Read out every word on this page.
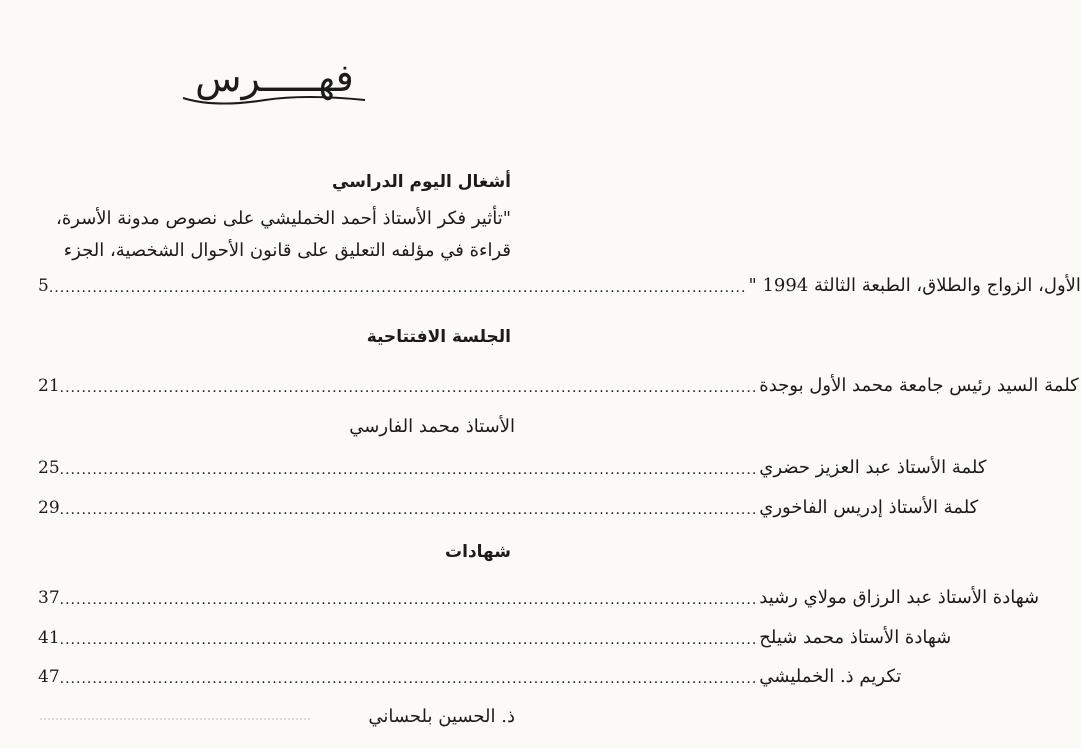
فهـــــرس
أشغال اليوم الدراسي
"تأثير فكر الأستاذ أحمد الخمليشي على نصوص مدونة الأسرة،
قراءة في مؤلفه التعليق على قانون الأحوال الشخصية، الجزء
5 ................................................................................................................................ الأول، الزواج والطلاق، الطبعة الثالثة 1994 "
الجلسة الافتتاحية
21 ................................................................................................................................ كلمة السيد رئيس جامعة محمد الأول بوجدة
الأستاذ محمد الفارسي
25 ................................................................................................................................ كلمة الأستاذ عبد العزيز حضري
29 ................................................................................................................................ كلمة الأستاذ إدريس الفاخوري
شهادات
37 ................................................................................................................................ شهادة الأستاذ عبد الرزاق مولاي رشيد
41 ................................................................................................................................ شهادة الأستاذ محمد شيلح
47 ................................................................................................................................ تكريم ذ. الخمليشي
ذ. الحسين بلحساني
